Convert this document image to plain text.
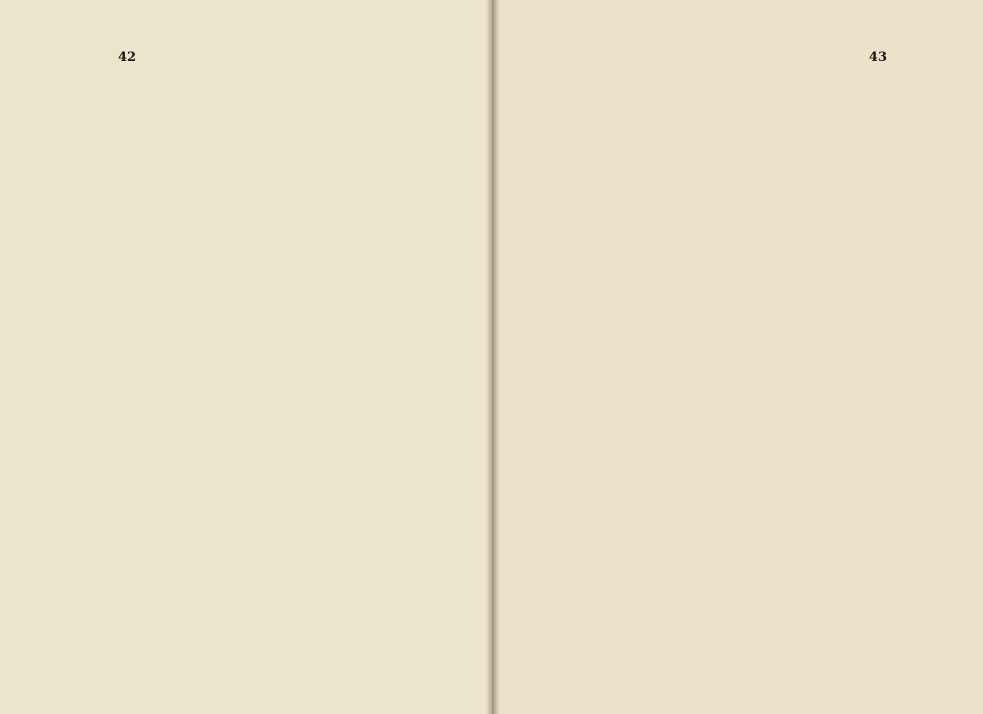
42	43
